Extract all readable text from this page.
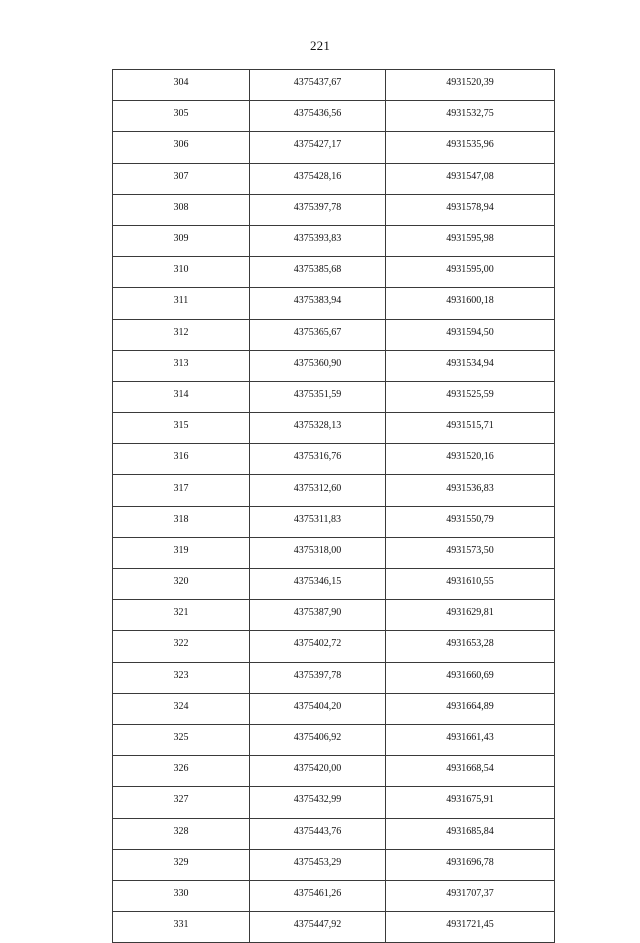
221
304	4375437,67	4931520,39
305	4375436,56	4931532,75
306	4375427,17	4931535,96
307	4375428,16	4931547,08
308	4375397,78	4931578,94
309	4375393,83	4931595,98
310	4375385,68	4931595,00
311	4375383,94	4931600,18
312	4375365,67	4931594,50
313	4375360,90	4931534,94
314	4375351,59	4931525,59
315	4375328,13	4931515,71
316	4375316,76	4931520,16
317	4375312,60	4931536,83
318	4375311,83	4931550,79
319	4375318,00	4931573,50
320	4375346,15	4931610,55
321	4375387,90	4931629,81
322	4375402,72	4931653,28
323	4375397,78	4931660,69
324	4375404,20	4931664,89
325	4375406,92	4931661,43
326	4375420,00	4931668,54
327	4375432,99	4931675,91
328	4375443,76	4931685,84
329	4375453,29	4931696,78
330	4375461,26	4931707,37
331	4375447,92	4931721,45
